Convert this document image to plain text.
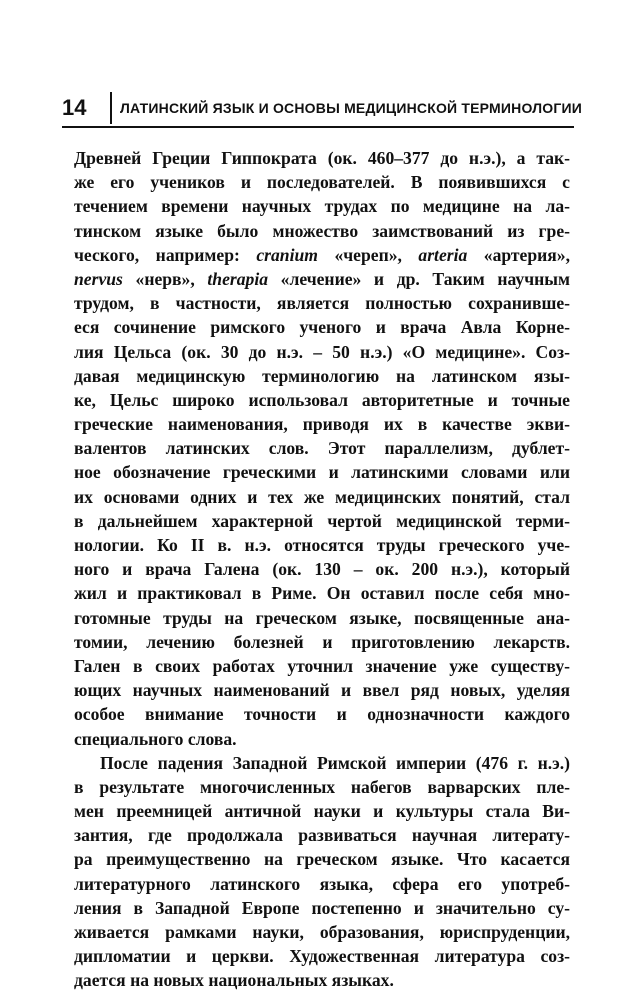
14	ЛАТИНСКИЙ ЯЗЫК И ОСНОВЫ МЕДИЦИНСКОЙ ТЕРМИНОЛОГИИ
Древней Греции Гиппократа (ок. 460–377 до н.э.), а так-
же его учеников и последователей. В появившихся с
течением времени научных трудах по медицине на ла-
тинском языке было множество заимствований из гре-
ческого, например: cranium «череп», arteria «артерия»,
nervus «нерв», therapia «лечение» и др. Таким научным
трудом, в частности, является полностью сохранивше-
еся сочинение римского ученого и врача Авла Корне-
лия Цельса (ок. 30 до н.э. – 50 н.э.) «О медицине». Соз-
давая медицинскую терминологию на латинском язы-
ке, Цельс широко использовал авторитетные и точные
греческие наименования, приводя их в качестве экви-
валентов латинских слов. Этот параллелизм, дублет-
ное обозначение греческими и латинскими словами или
их основами одних и тех же медицинских понятий, стал
в дальнейшем характерной чертой медицинской терми-
нологии. Ко II в. н.э. относятся труды греческого уче-
ного и врача Галена (ок. 130 – ок. 200 н.э.), который
жил и практиковал в Риме. Он оставил после себя мно-
готомные труды на греческом языке, посвященные ана-
томии, лечению болезней и приготовлению лекарств.
Гален в своих работах уточнил значение уже существу-
ющих научных наименований и ввел ряд новых, уделяя
особое внимание точности и однозначности каждого
специального слова.
После падения Западной Римской империи (476 г. н.э.)
в результате многочисленных набегов варварских пле-
мен преемницей античной науки и культуры стала Ви-
зантия, где продолжала развиваться научная литерату-
ра преимущественно на греческом языке. Что касается
литературного латинского языка, сфера его употреб-
ления в Западной Европе постепенно и значительно су-
живается рамками науки, образования, юриспруденции,
дипломатии и церкви. Художественная литература соз-
дается на новых национальных языках.
